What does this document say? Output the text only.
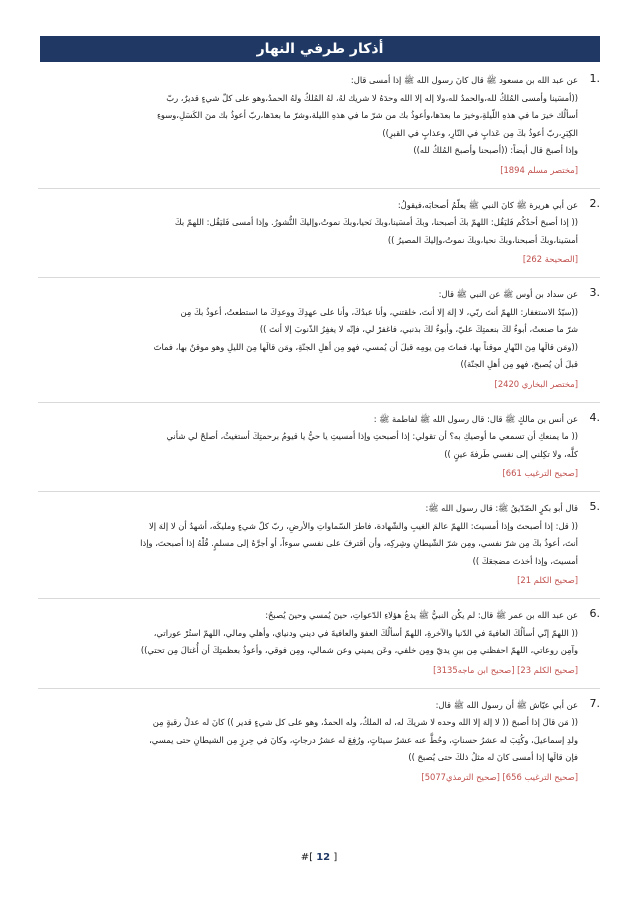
أذكار طرفي النهار
1.

عن عبد الله بن مسعود ﷺ قال كانَ رسول الله ﷺ إذا أمسى قال:
((أمسَينا وأمسى المُلكُ لله،والحمدُ لله،ولا إله إلا الله وحدَهُ لا شريك لهُ، لهُ المُلكُ ولهُ الحمدُ،وهو على كلّ شيءٍ قديرٌ، ربّ
أسألُك خيرَ ما في هذهِ اللّيلةِ،وخيرَ ما بعدَها،وأعوذُ بك من شرّ ما في هذهِ الليلة،وشرّ ما بعدَها،ربّ أعوذُ بك منَ الكَسَلِ،وسوءِ
الكِبَرِ،ربّ أعوذُ بكَ مِن عَذابٍ في النّارِ، وعذابٍ في القبرِ))
وإذا أصبحَ قال أيضاً: ((أصبحنا وأصبحَ المُلكُ لله))

[مختصر مسلم 1894]
2.

عن أبي هريرة ﷺ كانَ النبي ﷺ يعلّمُ أصحابَه،فيقولُ:
(( إذا أصبحَ أحدُكُم فَليَقُل: اللهمّ بكَ أصبحنا، وبكَ أمسَينا،وبكَ نَحيا،وبكَ نموتُ،وإليكَ النُّشورُ. وإذا أمسى فَليَقُل: اللهمّ بكَ
أمسَينا،وبكَ أصبحنا،وبكَ نحيا،وبكَ نموتُ،وإليكَ المصيرُ ))

[الصحيحة 262]
3.

عن سداد بن أوس ﷺ عن النبي ﷺ قال:
((سيّدُ الاستغفار: اللهمّ أنتَ ربّي، لا إلهَ إلا أنتَ، خلقتني، وأنا عبدُكَ، وأنا على عهدِكَ ووعدِكَ ما استطعتُ، أعوذُ بكَ مِن
شرّ ما صنعتُ، أبوءُ لكَ بنعمتِكَ عليّ، وأبوءُ لكَ بذنبي، فاغفرْ لي، فإنّه لا يغفِرُ الذّنوبَ إلا أنتَ ))
((ومَن قالَها مِنَ النّهارِ موقناً بها، فماتَ مِن يومِه قبلَ أن يُمسي، فهو مِن أهلِ الجنّةِ، ومَن قالَها مِنَ الليلِ وهو موقنٌ بها، فماتَ
قبلَ أن يُصبحَ، فهو مِن أهلِ الجنّة))

[مختصر البخاري 2420]
4.

عن أنس بن مالكٍ ﷺ قال: قال رسول الله ﷺ لفاطمة ﷺ :
(( ما يمنعكِ أن تسمعي ما أوصيكِ به؟ أن تقولي: إذا أصبحتِ وإذا أمسيتِ يا حيُّ يا قيومُ برحمتِكَ أستغيثُ، أصلحْ لي شأني
كلَّه، ولا تكِلني إلى نفسي طَرفةَ عينٍ ))

[صحيح الترغيب 661]
5.

قال أبو بكرٍ الصّدّيقُ ﷺ: قال رسول الله ﷺ:
(( قل: إذا أصبحتَ وإذا أمسيتَ: اللهمّ عالمَ الغيبِ والشّهادة، فاطرَ السّماواتِ والأرضِ، ربّ كلّ شيءٍ ومليكَه، أشهدُ أن لا إلهَ إلا
أنتَ، أعوذُ بكَ مِن شرّ نفسي، ومِن شرّ الشّيطانِ وشِركِه، وأن أقترفَ على نفسي سوءاً، أو أجرَّهُ إلى مسلمٍ. قُلْهُ إذا أصبحتَ، وإذا
أمسيتَ، وإذا أخذتَ مضجعَكَ ))

[صحيح الكلم 21]
6.

عن عبد الله بن عمر ﷺ قال: لم يكُن النبيُّ ﷺ يدعُ هؤلاءِ الدّعواتِ، حينَ يُمسي وحينَ يُصبحُ:
(( اللهمّ إنّي أسألُكَ العافيةَ في الدّنيا والآخرةِ، اللهمّ أسألُكَ العفوَ والعافيةَ في ديني ودنياي، وأهلي ومالي، اللهمّ استُرْ عوراتي،
وآمِن روعاتي، اللهمّ احفظني مِن بينِ يديّ ومِن خلفي، وعَن يميني وعن شمالي، ومِن فوقي، وأعوذُ بعظمتِكَ أن أُغتالَ مِن تحتي))

[صحيح الكلم 23] [صحيح ابن ماجه3135]
7.

عن أبي عيّاش ﷺ أن رسول الله ﷺ قال:
(( مَن قالَ إذا أصبحَ (( لا إلهَ إلا الله وحده لا شريكَ له، له الملكُ، وله الحمدُ، وهو على كل شيءٍ قدير )) كانَ له عدلُ رقبةٍ مِن
ولدِ إسماعيلَ، وكُتِبَ له عشرُ حسناتٍ، وحُطَّ عنه عشرُ سيئاتٍ، ورُفِعَ له عشرُ درجاتٍ، وكانَ في حِرزٍ مِن الشيطانِ حتى يمسي،
فإن قالَها إذا أمسى كانَ له مثلُ ذلكَ حتى يُصبحَ ))

[صحيح الترغيب 656] [صحيح الترمذي5077]
[ 12 ]#
